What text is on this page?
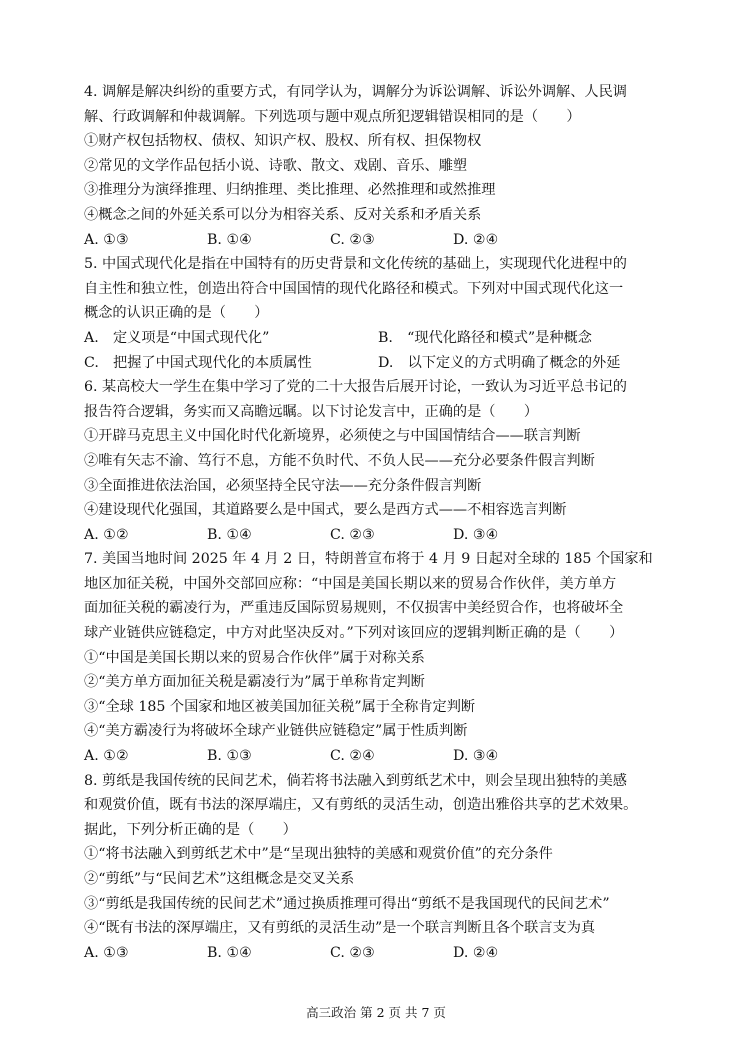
4. 调解是解决纠纷的重要方式，有同学认为，调解分为诉讼调解、诉讼外调解、人民调
解、行政调解和仲裁调解。下列选项与题中观点所犯逻辑错误相同的是（　　）
①财产权包括物权、债权、知识产权、股权、所有权、担保物权
②常见的文学作品包括小说、诗歌、散文、戏剧、音乐、雕塑
③推理分为演绎推理、归纳推理、类比推理、必然推理和或然推理
④概念之间的外延关系可以分为相容关系、反对关系和矛盾关系
A. ①③	B. ①④	C. ②③	D. ②④
5. 中国式现代化是指在中国特有的历史背景和文化传统的基础上，实现现代化进程中的
自主性和独立性，创造出符合中国国情的现代化路径和模式。下列对中国式现代化这一
概念的认识正确的是（　　）
A.　定义项是“中国式现代化”	B.　“现代化路径和模式”是种概念
C.　把握了中国式现代化的本质属性	D.　以下定义的方式明确了概念的外延
6. 某高校大一学生在集中学习了党的二十大报告后展开讨论，一致认为习近平总书记的
报告符合逻辑，务实而又高瞻远瞩。以下讨论发言中，正确的是（　　）
①开辟马克思主义中国化时代化新境界，必须使之与中国国情结合——联言判断
②唯有矢志不渝、笃行不息，方能不负时代、不负人民——充分必要条件假言判断
③全面推进依法治国，必须坚持全民守法——充分条件假言判断
④建设现代化强国，其道路要么是中国式，要么是西方式——不相容选言判断
A. ①②	B. ①④	C. ②③	D. ③④
7. 美国当地时间 2025 年 4 月 2 日，特朗普宣布将于 4 月 9 日起对全球的 185 个国家和
地区加征关税，中国外交部回应称：“中国是美国长期以来的贸易合作伙伴，美方单方
面加征关税的霸凌行为，严重违反国际贸易规则，不仅损害中美经贸合作，也将破坏全
球产业链供应链稳定，中方对此坚决反对。”下列对该回应的逻辑判断正确的是（　　）
①“中国是美国长期以来的贸易合作伙伴”属于对称关系
②“美方单方面加征关税是霸凌行为”属于单称肯定判断
③“全球 185 个国家和地区被美国加征关税”属于全称肯定判断
④“美方霸凌行为将破坏全球产业链供应链稳定”属于性质判断
A. ①②	B. ①③	C. ②④	D. ③④
8. 剪纸是我国传统的民间艺术，倘若将书法融入到剪纸艺术中，则会呈现出独特的美感
和观赏价值，既有书法的深厚端庄，又有剪纸的灵活生动，创造出雅俗共享的艺术效果。
据此，下列分析正确的是（　　）
①“将书法融入到剪纸艺术中”是“呈现出独特的美感和观赏价值”的充分条件
②“剪纸”与“民间艺术”这组概念是交叉关系
③“剪纸是我国传统的民间艺术”通过换质推理可得出“剪纸不是我国现代的民间艺术”
④“既有书法的深厚端庄，又有剪纸的灵活生动”是一个联言判断且各个联言支为真
A. ①③	B. ①④	C. ②③	D. ②④
高三政治 第 2 页 共 7 页
